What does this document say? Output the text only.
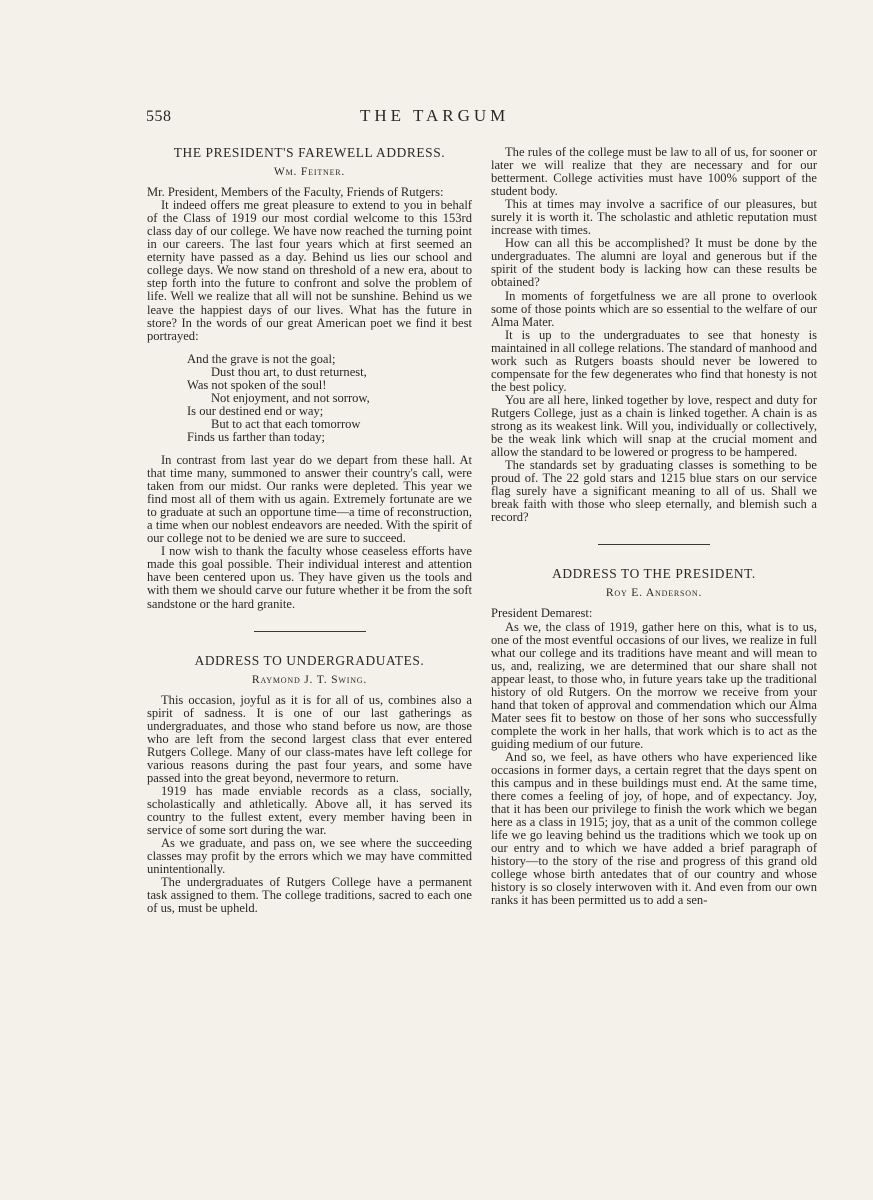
558	THE TARGUM
THE PRESIDENT'S FAREWELL ADDRESS.
Wm. Feitner.

Mr. President, Members of the Faculty, Friends of Rutgers:

It indeed offers me great pleasure to extend to you in behalf of the Class of 1919 our most cordial welcome to this 153rd class day of our college. We have now reached the turning point in our careers. The last four years which at first seemed an eternity have passed as a day. Behind us lies our school and college days. We now stand on threshold of a new era, about to step forth into the future to confront and solve the problem of life. Well we realize that all will not be sunshine. Behind us we leave the happiest days of our lives. What has the future in store? In the words of our great American poet we find it best portrayed:

And the grave is not the goal;
Dust thou art, to dust returnest,
Was not spoken of the soul!
Not enjoyment, and not sorrow,
Is our destined end or way;
But to act that each tomorrow
Finds us farther than today;

In contrast from last year do we depart from these hall. At that time many, summoned to answer their country's call, were taken from our midst. Our ranks were depleted. This year we find most all of them with us again. Extremely fortunate are we to graduate at such an opportune time—a time of reconstruction, a time when our noblest endeavors are needed. With the spirit of our college not to be denied we are sure to succeed.

I now wish to thank the faculty whose ceaseless efforts have made this goal possible. Their individual interest and attention have been centered upon us. They have given us the tools and with them we should carve our future whether it be from the soft sandstone or the hard granite.

ADDRESS TO UNDERGRADUATES.
Raymond J. T. Swing.

This occasion, joyful as it is for all of us, combines also a spirit of sadness. It is one of our last gatherings as undergraduates, and those who stand before us now, are those who are left from the second largest class that ever entered Rutgers College. Many of our class-mates have left college for various reasons during the past four years, and some have passed into the great beyond, nevermore to return.

1919 has made enviable records as a class, socially, scholastically and athletically. Above all, it has served its country to the fullest extent, every member having been in service of some sort during the war.

As we graduate, and pass on, we see where the succeeding classes may profit by the errors which we may have committed unintentionally.

The undergraduates of Rutgers College have a permanent task assigned to them. The college traditions, sacred to each one of us, must be upheld.

The rules of the college must be law to all of us, for sooner or later we will realize that they are necessary and for our betterment. College activities must have 100% support of the student body.

This at times may involve a sacrifice of our pleasures, but surely it is worth it. The scholastic and athletic reputation must increase with times.

How can all this be accomplished? It must be done by the undergraduates. The alumni are loyal and generous but if the spirit of the student body is lacking how can these results be obtained?

In moments of forgetfulness we are all prone to overlook some of those points which are so essential to the welfare of our Alma Mater.

It is up to the undergraduates to see that honesty is maintained in all college relations. The standard of manhood and work such as Rutgers boasts should never be lowered to compensate for the few degenerates who find that honesty is not the best policy.

You are all here, linked together by love, respect and duty for Rutgers College, just as a chain is linked together. A chain is as strong as its weakest link. Will you, individually or collectively, be the weak link which will snap at the crucial moment and allow the standard to be lowered or progress to be hampered.

The standards set by graduating classes is something to be proud of. The 22 gold stars and 1215 blue stars on our service flag surely have a significant meaning to all of us. Shall we break faith with those who sleep eternally, and blemish such a record?

ADDRESS TO THE PRESIDENT.
Roy E. Anderson.

President Demarest:

As we, the class of 1919, gather here on this, what is to us, one of the most eventful occasions of our lives, we realize in full what our college and its traditions have meant and will mean to us, and, realizing, we are determined that our share shall not appear least, to those who, in future years take up the traditional history of old Rutgers. On the morrow we receive from your hand that token of approval and commendation which our Alma Mater sees fit to bestow on those of her sons who successfully complete the work in her halls, that work which is to act as the guiding medium of our future.

And so, we feel, as have others who have experienced like occasions in former days, a certain regret that the days spent on this campus and in these buildings must end. At the same time, there comes a feeling of joy, of hope, and of expectancy. Joy, that it has been our privilege to finish the work which we began here as a class in 1915; joy, that as a unit of the common college life we go leaving behind us the traditions which we took up on our entry and to which we have added a brief paragraph of history—to the story of the rise and progress of this grand old college whose birth antedates that of our country and whose history is so closely interwoven with it. And even from our own ranks it has been permitted us to add a sen-
